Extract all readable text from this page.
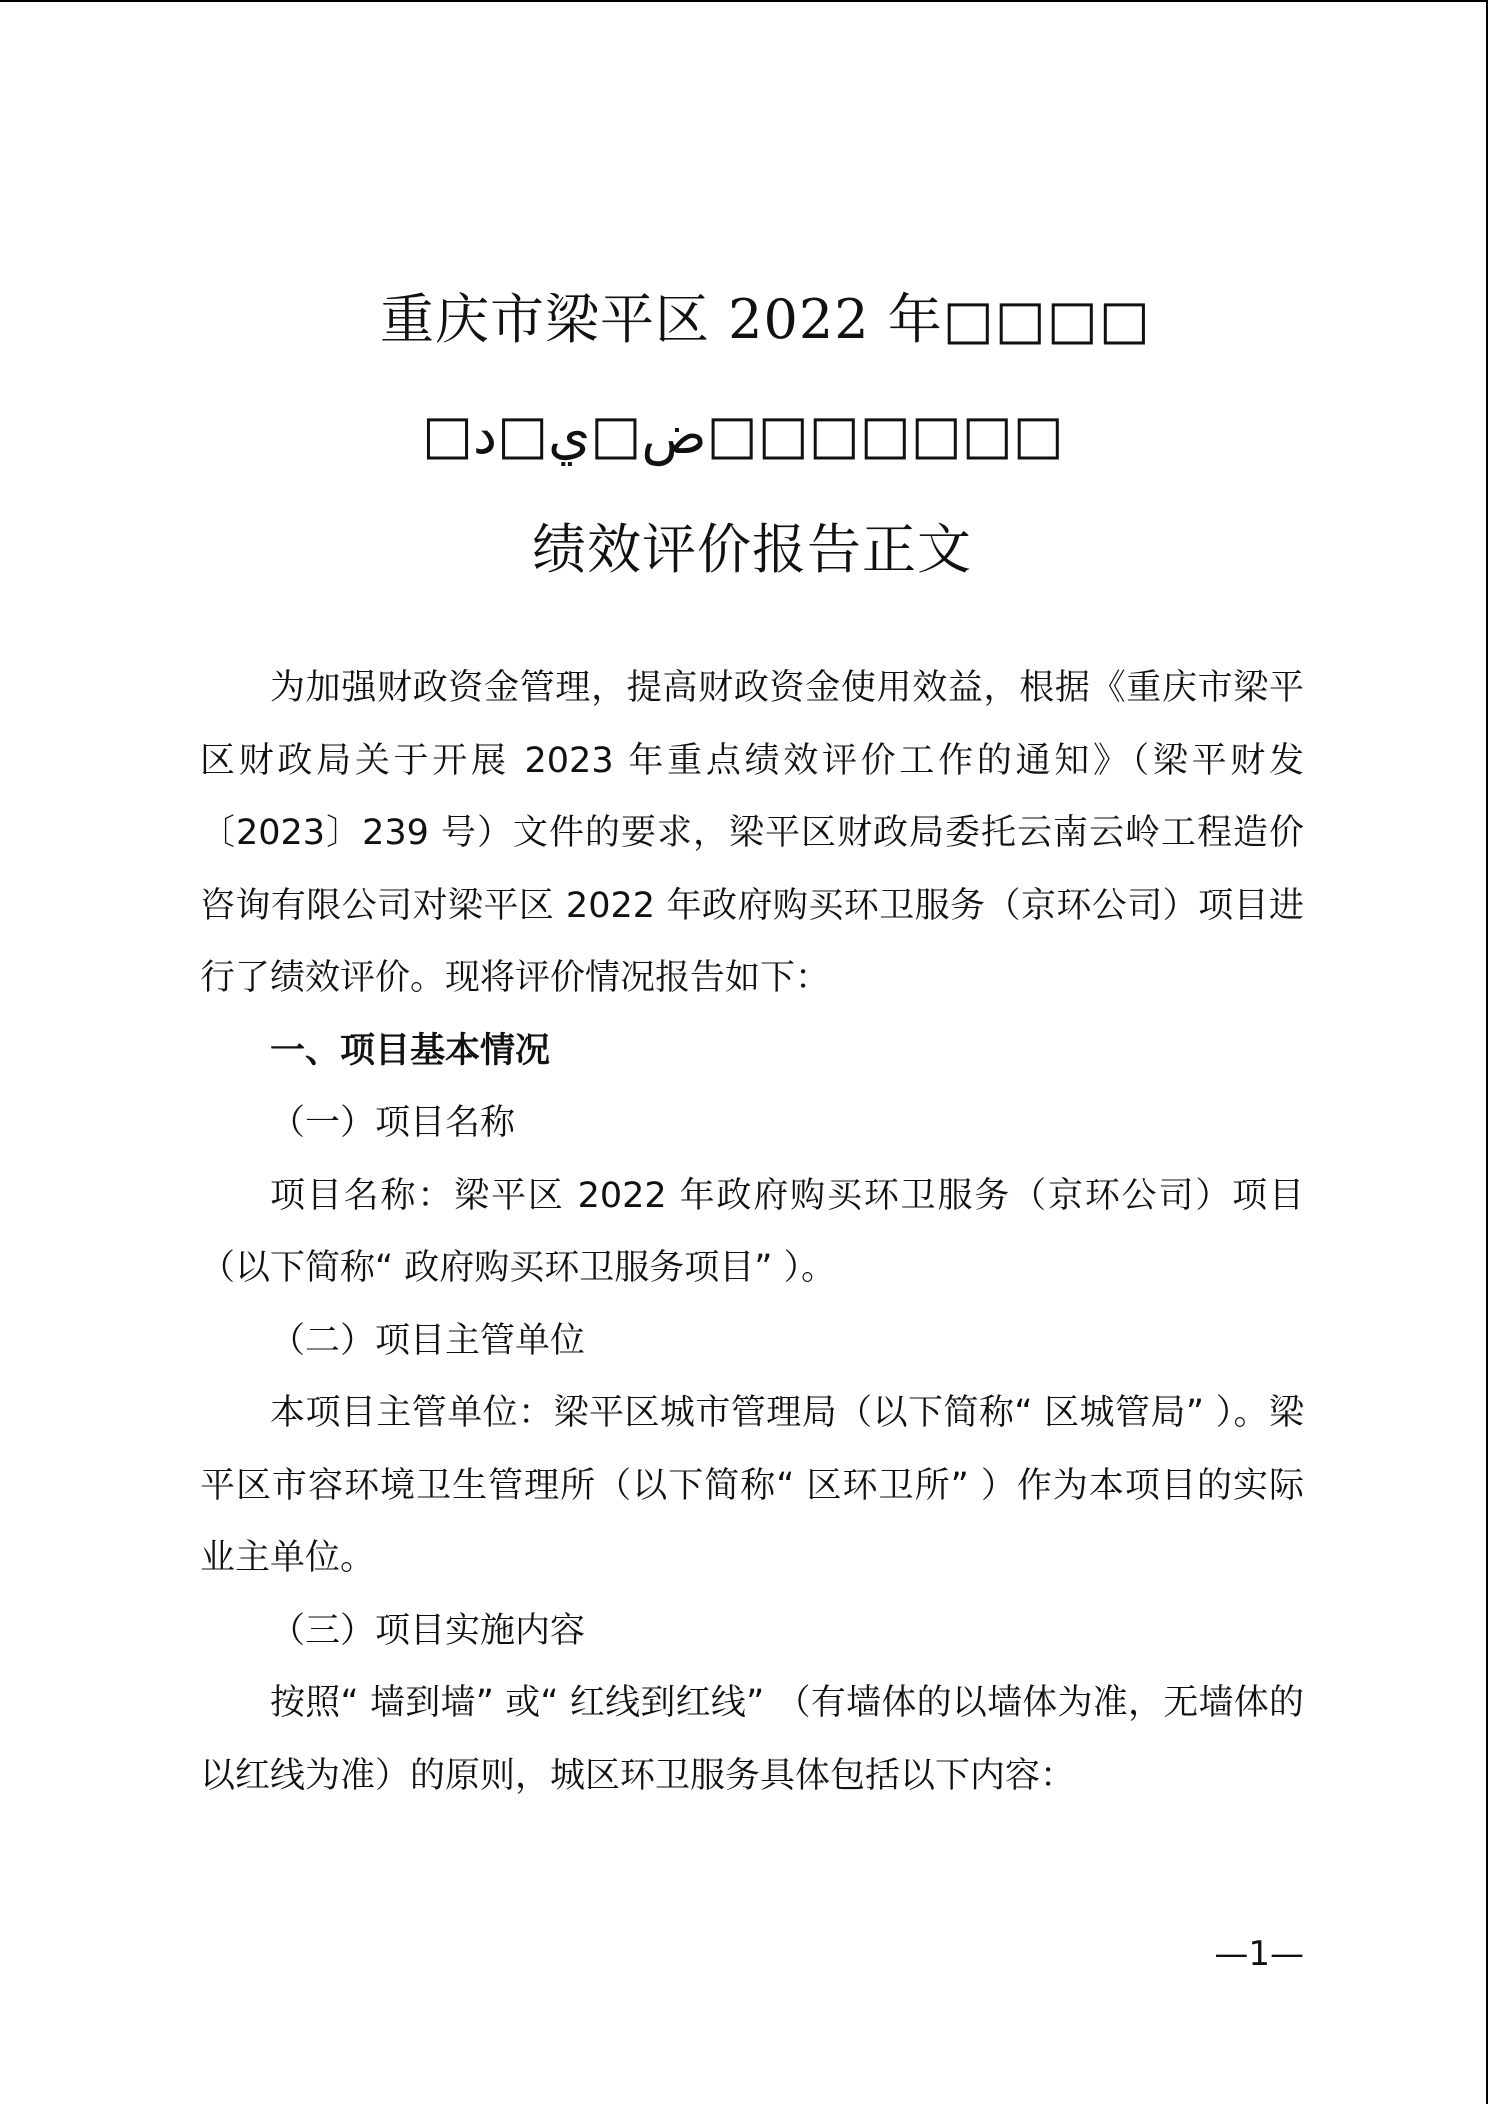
重庆市梁平区 2022 年□□□□
□ض□ي□د□□□□□□□
绩效评价报告正文

为加强财政资金管理，提高财政资金使用效益，根据《重庆市梁平区财政局关于开展 2023 年重点绩效评价工作的通知》（梁平财发〔2023〕239 号）文件的要求，梁平区财政局委托云南云岭工程造价咨询有限公司对梁平区 2022 年政府购买环卫服务（京环公司）项目进行了绩效评价。现将评价情况报告如下：

一、项目基本情况

（一）项目名称

项目名称：梁平区 2022 年政府购买环卫服务（京环公司）项目（以下简称“ 政府购买环卫服务项目” ）。

（二）项目主管单位

本项目主管单位：梁平区城市管理局（以下简称“ 区城管局” ）。梁平区市容环境卫生管理所（以下简称“ 区环卫所” ）作为本项目的实际业主单位。

（三）项目实施内容

按照“ 墙到墙” 或“ 红线到红线” （有墙体的以墙体为准，无墙体的以红线为准）的原则，城区环卫服务具体包括以下内容：

—1—
